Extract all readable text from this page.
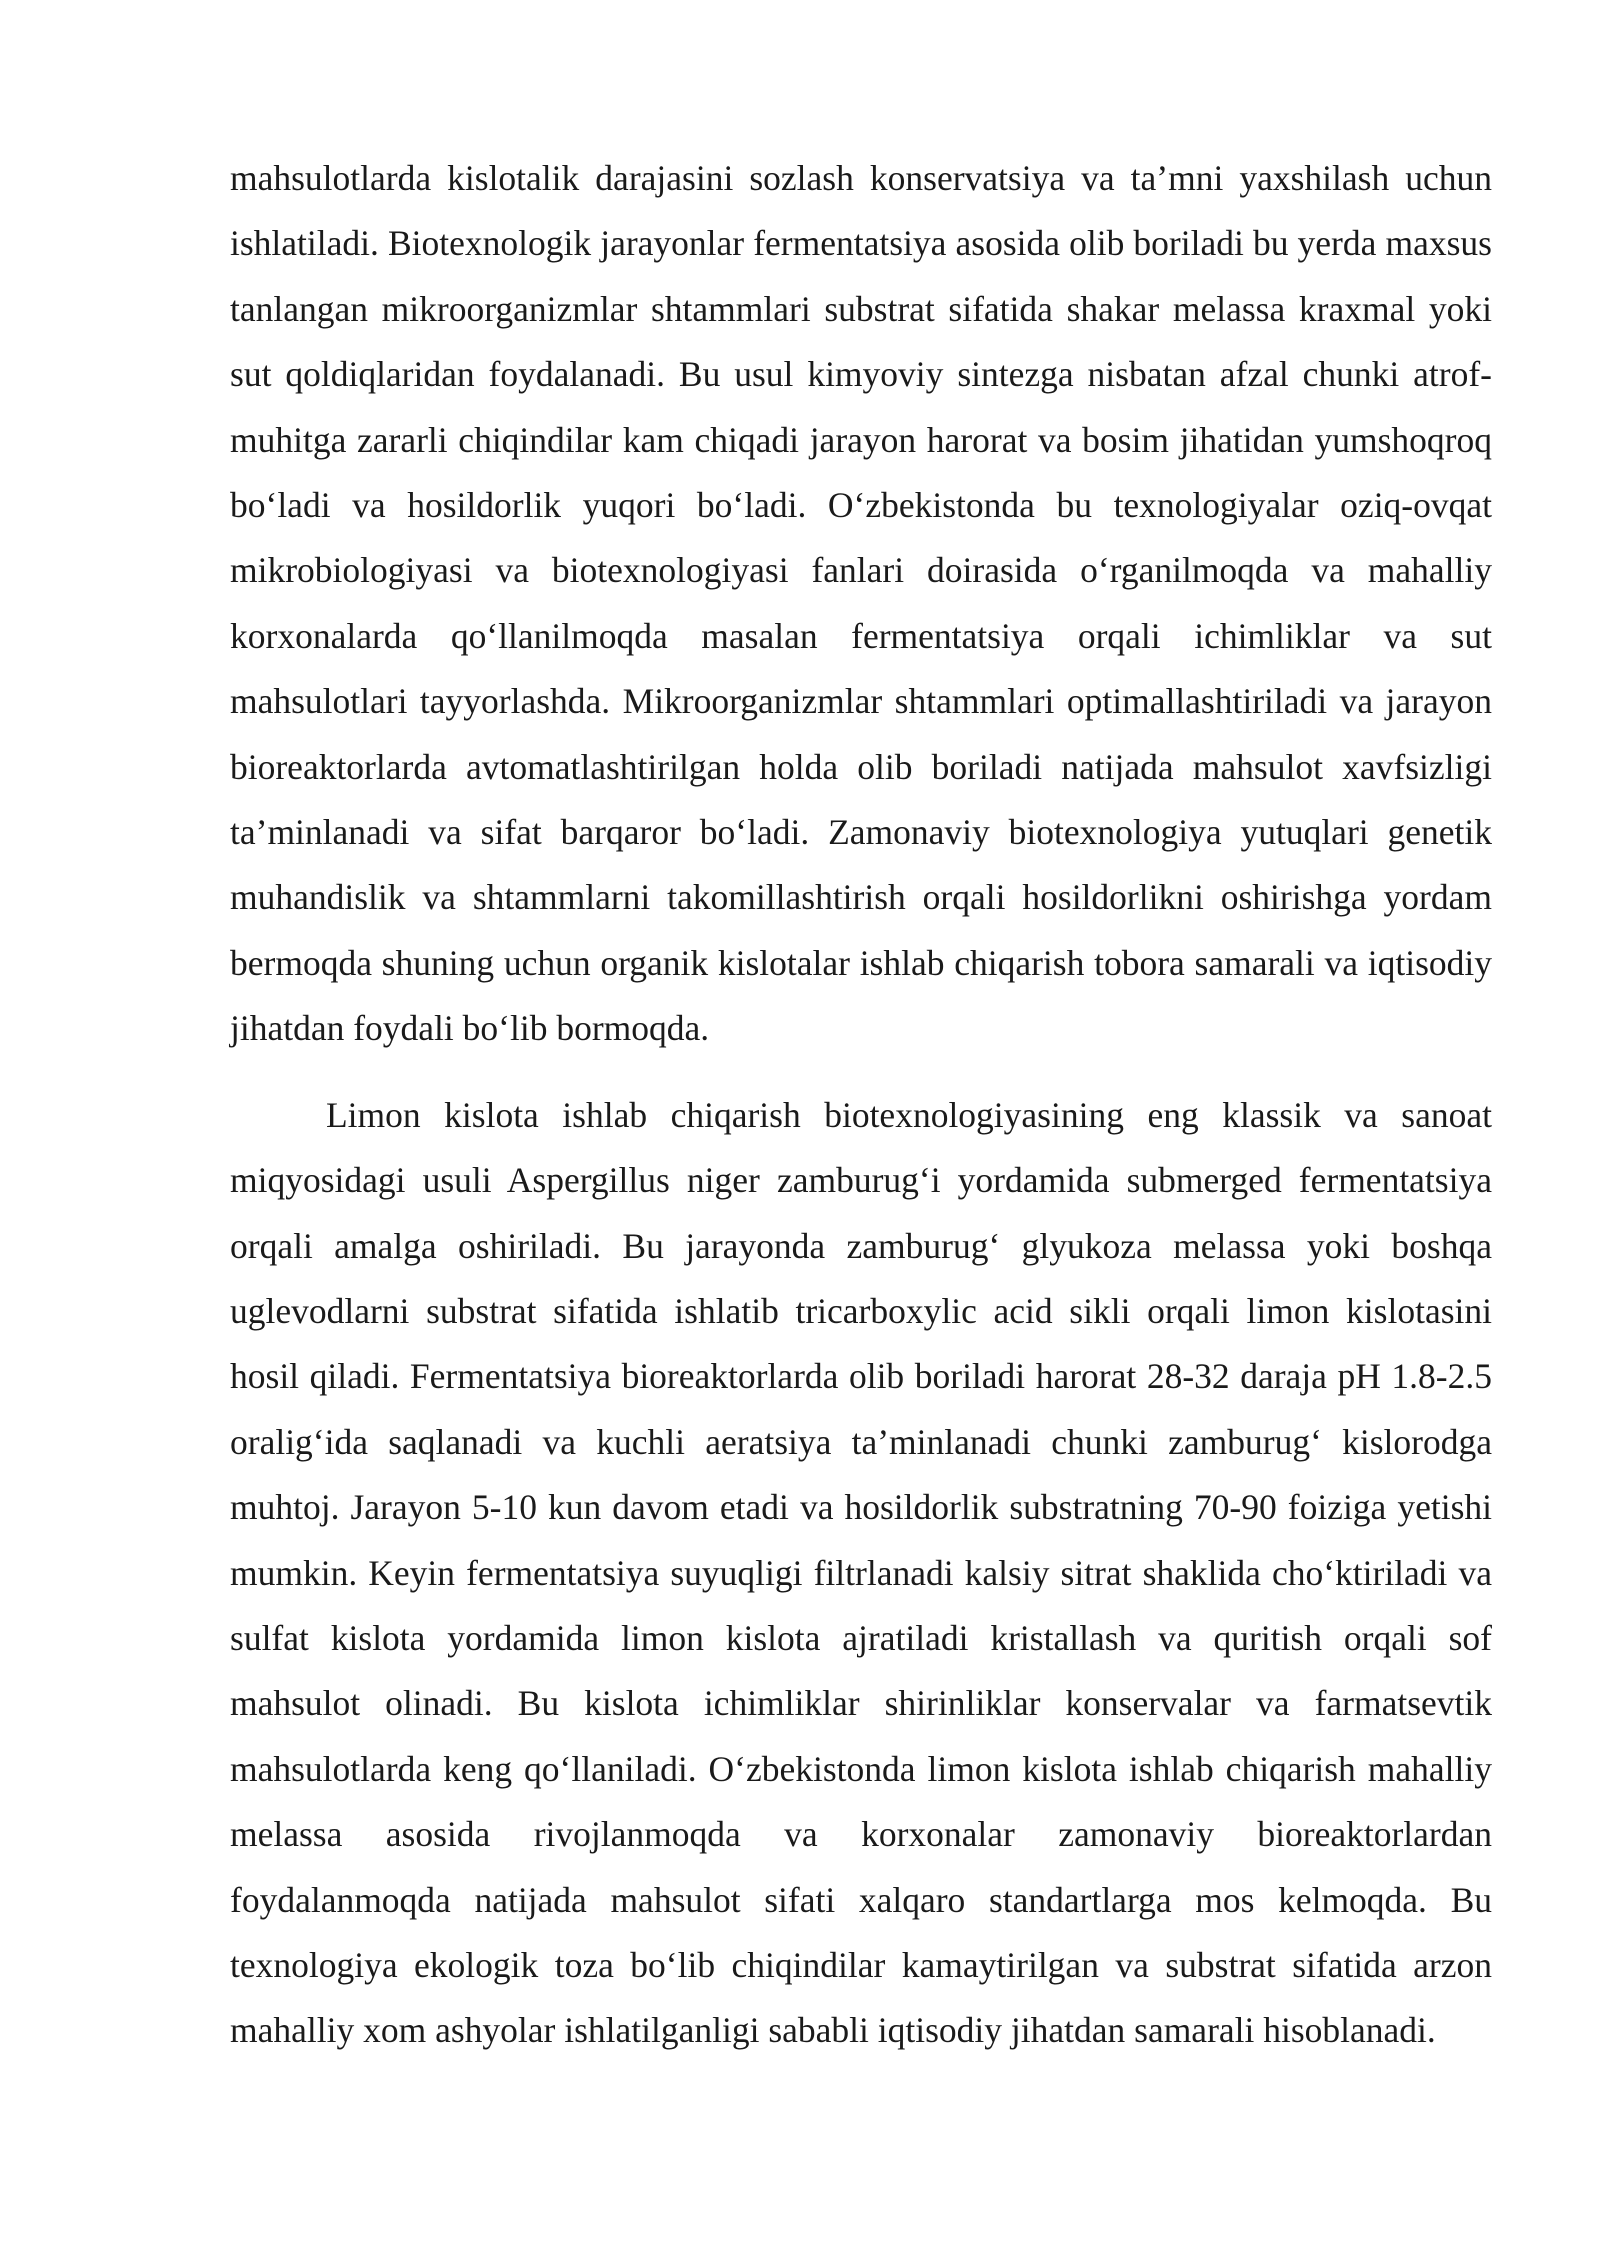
mahsulotlarda kislotalik darajasini sozlash konservatsiya va ta’mni yaxshilash uchun ishlatiladi. Biotexnologik jarayonlar fermentatsiya asosida olib boriladi bu yerda maxsus tanlangan mikroorganizmlar shtammlari substrat sifatida shakar melassa kraxmal yoki sut qoldiqlaridan foydalanadi. Bu usul kimyoviy sintezga nisbatan afzal chunki atrof-muhitga zararli chiqindilar kam chiqadi jarayon harorat va bosim jihatidan yumshoqroq boʻladi va hosildorlik yuqori boʻladi. Oʻzbekistonda bu texnologiyalar oziq-ovqat mikrobiologiyasi va biotexnologiyasi fanlari doirasida oʻrganilmoqda va mahalliy korxonalarda qoʻllanilmoqda masalan fermentatsiya orqali ichimliklar va sut mahsulotlari tayyorlashda. Mikroorganizmlar shtammlari optimallashtiriladi va jarayon bioreaktorlarda avtomatlashtirilgan holda olib boriladi natijada mahsulot xavfsizligi ta’minlanadi va sifat barqaror boʻladi. Zamonaviy biotexnologiya yutuqlari genetik muhandislik va shtammlarni takomillashtirish orqali hosildorlikni oshirishga yordam bermoqda shuning uchun organik kislotalar ishlab chiqarish tobora samarali va iqtisodiy jihatdan foydali boʻlib bormoqda.

Limon kislota ishlab chiqarish biotexnologiyasining eng klassik va sanoat miqyosidagi usuli Aspergillus niger zamburugʻi yordamida submerged fermentatsiya orqali amalga oshiriladi. Bu jarayonda zamburugʻ glyukoza melassa yoki boshqa uglevodlarni substrat sifatida ishlatib tricarboxylic acid sikli orqali limon kislotasini hosil qiladi. Fermentatsiya bioreaktorlarda olib boriladi harorat 28-32 daraja pH 1.8-2.5 oraligʻida saqlanadi va kuchli aeratsiya ta’minlanadi chunki zamburugʻ kislorodga muhtoj. Jarayon 5-10 kun davom etadi va hosildorlik substratning 70-90 foiziga yetishi mumkin. Keyin fermentatsiya suyuqligi filtrlanadi kalsiy sitrat shaklida choʻktiriladi va sulfat kislota yordamida limon kislota ajratiladi kristallash va quritish orqali sof mahsulot olinadi. Bu kislota ichimliklar shirinliklar konservalar va farmatsevtik mahsulotlarda keng qoʻllaniladi. Oʻzbekistonda limon kislota ishlab chiqarish mahalliy melassa asosida rivojlanmoqda va korxonalar zamonaviy bioreaktorlardan foydalanmoqda natijada mahsulot sifati xalqaro standartlarga mos kelmoqda. Bu texnologiya ekologik toza boʻlib chiqindilar kamaytirilgan va substrat sifatida arzon mahalliy xom ashyolar ishlatilganligi sababli iqtisodiy jihatdan samarali hisoblanadi.
